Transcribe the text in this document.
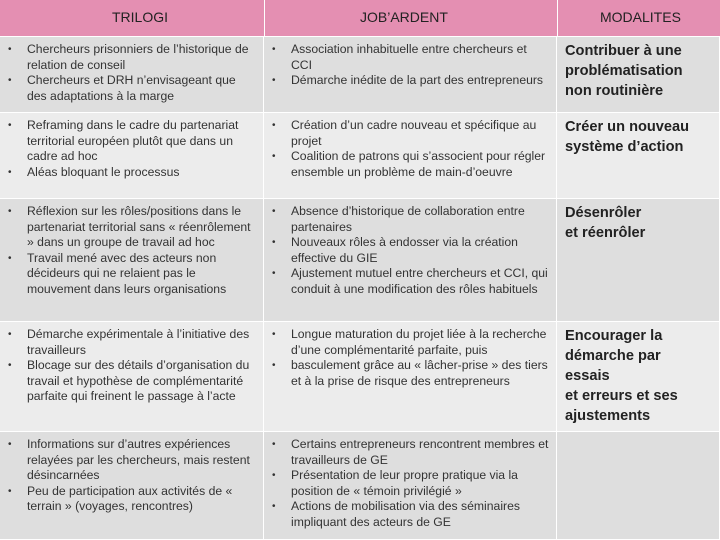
TRILOGI	JOB’ARDENT	MODALITES
• Chercheurs prisonniers de l’historique de relation de conseil
• Chercheurs et DRH n’envisageant que des adaptations à la marge
• Association inhabituelle entre chercheurs et CCI
• Démarche inédite de la part des entrepreneurs
Contribuer à une
problématisation
non routinière
• Reframing dans le cadre du partenariat territorial européen plutôt que dans un cadre ad hoc
• Aléas bloquant le processus
• Création d’un cadre nouveau et spécifique au projet
• Coalition de patrons qui s’associent pour régler ensemble un problème de main-d’oeuvre
Créer un nouveau
système d’action
• Réflexion sur les rôles/positions dans le partenariat territorial sans « réenrôlement » dans un groupe de travail ad hoc
• Travail mené avec des acteurs non décideurs qui ne relaient pas le mouvement dans leurs organisations
• Absence d’historique de collaboration entre partenaires
• Nouveaux rôles à endosser via la création effective du GIE
• Ajustement mutuel entre chercheurs et CCI, qui conduit à une modification des rôles habituels
Désenrôler
et réenrôler
• Démarche expérimentale à l’initiative des travailleurs
• Blocage sur des détails d’organisation du travail et hypothèse de complémentarité parfaite qui freinent le passage à l’acte
• Longue maturation du projet liée à la recherche d’une complémentarité parfaite, puis
• basculement grâce au « lâcher-prise » des tiers et à la prise de risque des entrepreneurs
Encourager la
démarche par
essais
et erreurs et ses
ajustements
• Informations sur d’autres expériences relayées par les chercheurs, mais restent désincarnées
• Peu de participation aux activités de « terrain » (voyages, rencontres)
• Certains entrepreneurs rencontrent membres et travailleurs de GE
• Présentation de leur propre pratique via la position de « témoin privilégié »
• Actions de mobilisation via des séminaires impliquant des acteurs de GE
